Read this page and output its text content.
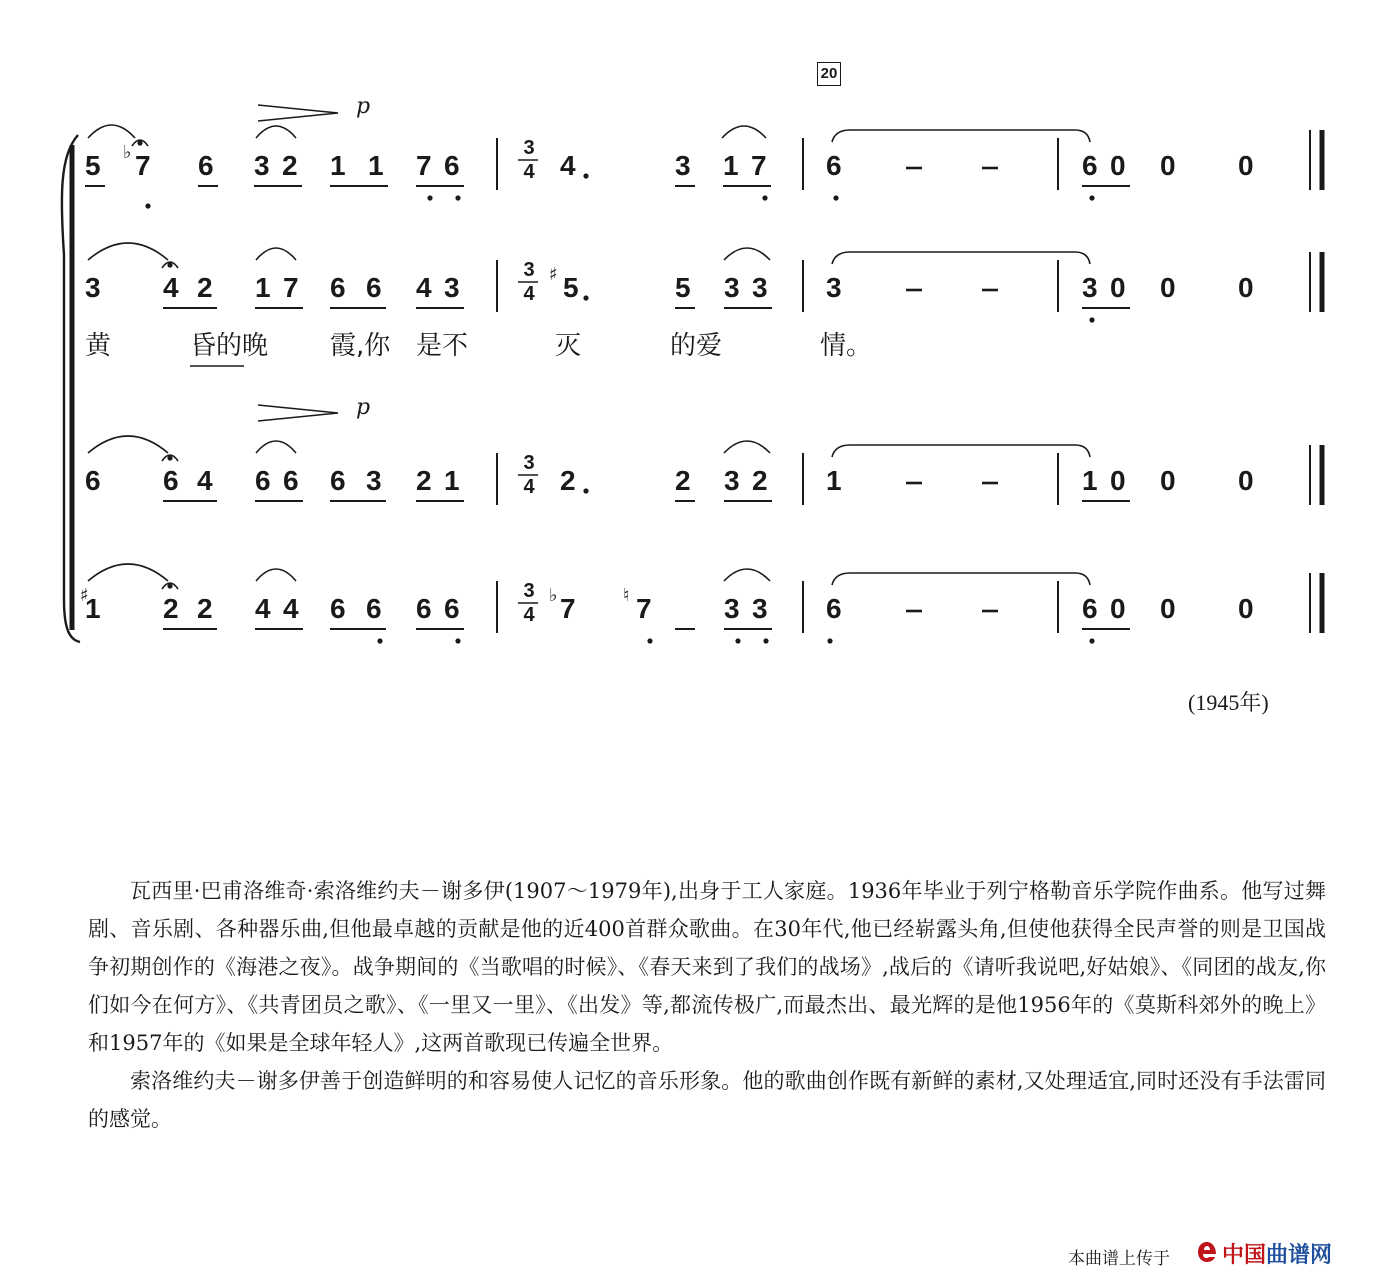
5 7 6 3 2 1 1 7 6	4	3 1 7 6	6 0 0 0
3
4
3 4 2 1 7 6 6 4 3	5	5 3 3 3	3 0 0 0
3
4
6 6 4 6 6 6 3 2 1	2	2 3 2 1	1 0 0 0
3
4
1 2 2 4 4 6 6 6 6	7 7	3 3 6	6 0 0 0
3
4
♭
♯
♯	♭	♮
p
p
黄	昏的晚 霞,你 是不	灭	的爱	情。
20
(1945年)

瓦西里·巴甫洛维奇·索洛维约夫－谢多伊(1907～1979年),出身于工人家庭。1936年毕业于列宁格勒音乐学院作曲系。他写过舞剧、音乐剧、各种器乐曲,但他最卓越的贡献是他的近400首群众歌曲。在30年代,他已经崭露头角,但使他获得全民声誉的则是卫国战争初期创作的《海港之夜》。战争期间的《当歌唱的时候》、《春天来到了我们的战场》,战后的《请听我说吧,好姑娘》、《同团的战友,你们如今在何方》、《共青团员之歌》、《一里又一里》、《出发》等,都流传极广,而最杰出、最光辉的是他1956年的《莫斯科郊外的晚上》和1957年的《如果是全球年轻人》,这两首歌现已传遍全世界。

索洛维约夫－谢多伊善于创造鲜明的和容易使人记忆的音乐形象。他的歌曲创作既有新鲜的素材,又处理适宜,同时还没有手法雷同的感觉。

本曲谱上传于 中国曲谱网
